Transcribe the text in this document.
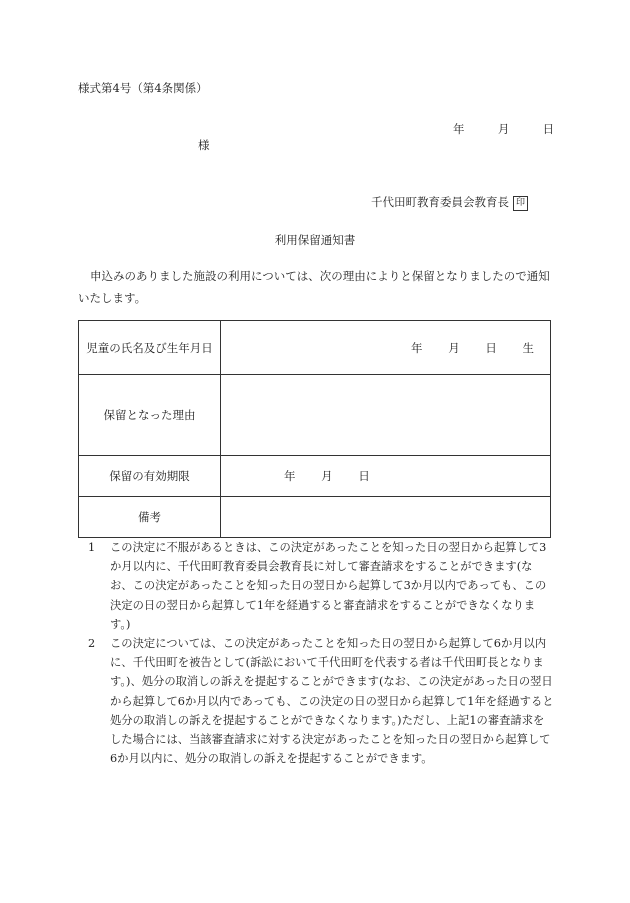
様式第4号（第4条関係）
年	月	日
様
千代田町教育委員会教育長 印
利用保留通知書
申込みのありました施設の利用については、次の理由によりと保留となりましたので通知いたします。
児童の氏名及び生年月日	年 月 日 生
保留となった理由	
保留の有効期限	年 月 日
備考	
1	この決定に不服があるときは、この決定があったことを知った日の翌日から起算して3か月以内に、千代田町教育委員会教育長に対して審査請求をすることができます(なお、この決定があったことを知った日の翌日から起算して3か月以内であっても、この決定の日の翌日から起算して1年を経過すると審査請求をすることができなくなります。)
2	この決定については、この決定があったことを知った日の翌日から起算して6か月以内に、千代田町を被告として(訴訟において千代田町を代表する者は千代田町長となります。)、処分の取消しの訴えを提起することができます(なお、この決定があった日の翌日から起算して6か月以内であっても、この決定の日の翌日から起算して1年を経過すると処分の取消しの訴えを提起することができなくなります。)ただし、上記1の審査請求をした場合には、当該審査請求に対する決定があったことを知った日の翌日から起算して6か月以内に、処分の取消しの訴えを提起することができます。
